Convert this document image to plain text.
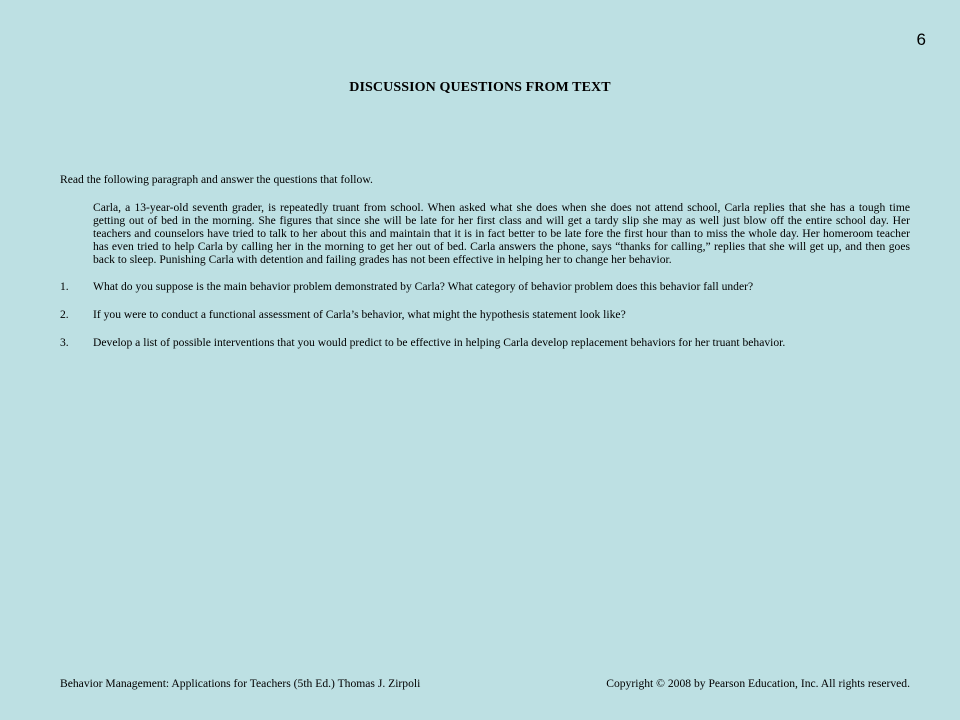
6
DISCUSSION QUESTIONS FROM TEXT

Read the following paragraph and answer the questions that follow.

Carla, a 13-year-old seventh grader, is repeatedly truant from school. When asked what she does when she does not attend school, Carla replies that she has a tough time getting out of bed in the morning. She figures that since she will be late for her first class and will get a tardy slip she may as well just blow off the entire school day. Her teachers and counselors have tried to talk to her about this and maintain that it is in fact better to be late fore the first hour than to miss the whole day. Her homeroom teacher has even tried to help Carla by calling her in the morning to get her out of bed. Carla answers the phone, says “thanks for calling,” replies that she will get up, and then goes back to sleep. Punishing Carla with detention and failing grades has not been effective in helping her to change her behavior.

1.	What do you suppose is the main behavior problem demonstrated by Carla? What category of behavior problem does this behavior fall under?
2.	If you were to conduct a functional assessment of Carla’s behavior, what might the hypothesis statement look like?
3.	Develop a list of possible interventions that you would predict to be effective in helping Carla develop replacement behaviors for her truant behavior.
Behavior Management: Applications for Teachers (5th Ed.) Thomas J. Zirpoli	Copyright © 2008 by Pearson Education, Inc. All rights reserved.
